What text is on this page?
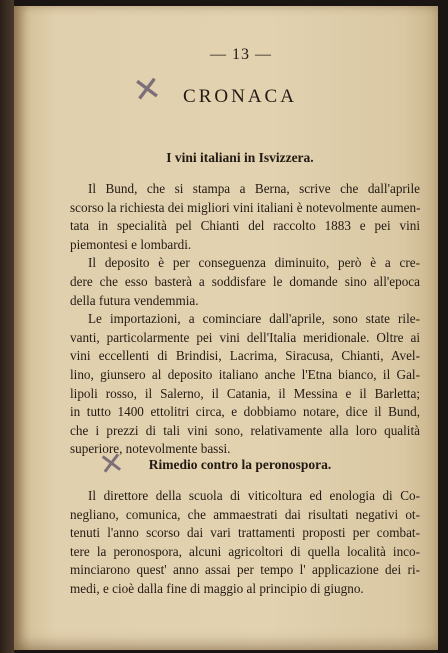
✕
✕
— 13 —
CRONACA
I vini italiani in Isvizzera.
Il Bund, che si stampa a Berna, scrive che dall'aprile
scorso la richiesta dei migliori vini italiani è notevolmente aumen-
tata in specialità pel Chianti del raccolto 1883 e pei vini
piemontesi e lombardi.
Il deposito è per conseguenza diminuito, però è a cre-
dere che esso basterà a soddisfare le domande sino all'epoca
della futura vendemmia.
Le importazioni, a cominciare dall'aprile, sono state rile-
vanti, particolarmente pei vini dell'Italia meridionale. Oltre ai
vini eccellenti di Brindisi, Lacrima, Siracusa, Chianti, Avel-
lino, giunsero al deposito italiano anche l'Etna bianco, il Gal-
lipoli rosso, il Salerno, il Catania, il Messina e il Barletta;
in tutto 1400 ettolitri circa, e dobbiamo notare, dice il Bund,
che i prezzi di tali vini sono, relativamente alla loro qualità
superiore, notevolmente bassi.
Rimedio contro la peronospora.
Il direttore della scuola di viticoltura ed enologia di Co-
negliano, comunica, che ammaestrati dai risultati negativi ot-
tenuti l'anno scorso dai vari trattamenti proposti per combat-
tere la peronospora, alcuni agricoltori di quella località inco-
minciarono quest' anno assai per tempo l' applicazione dei ri-
medi, e cioè dalla fine di maggio al principio di giugno.
